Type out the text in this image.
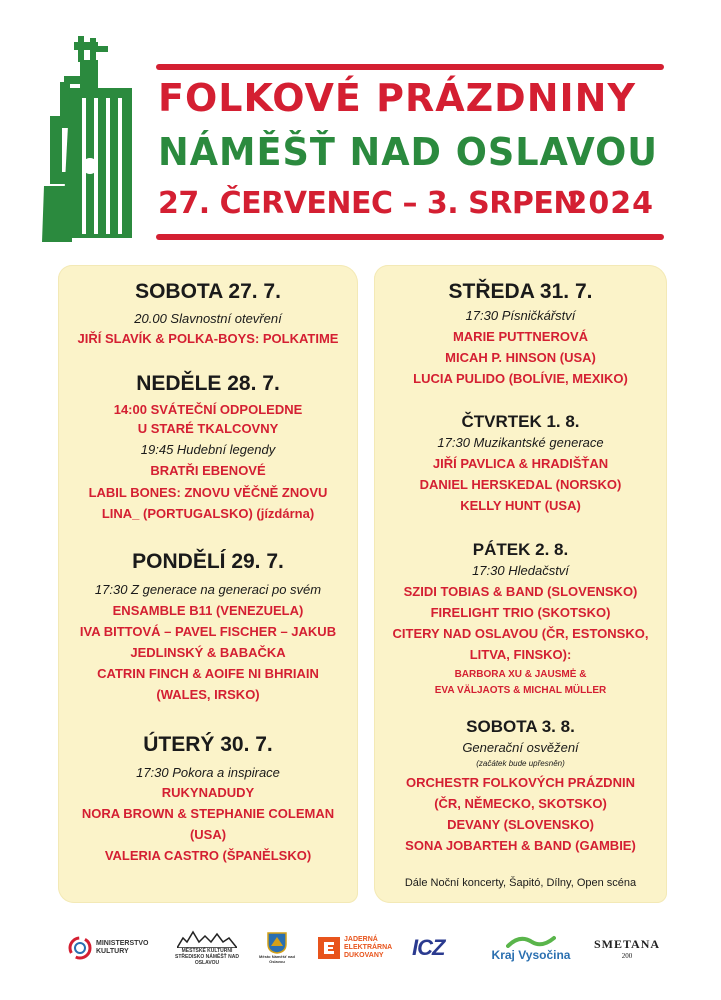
FOLKOVÉ PRÁZDNINY
NÁMĚŠŤ NAD OSLAVOU
27. ČERVENEC – 3. SRPEN
2024
SOBOTA 27. 7.
20.00 Slavnostní otevření
JIŘÍ SLAVÍK & POLKA-BOYS: POLKATIME
NEDĚLE 28. 7.
14:00 SVÁTEČNÍ ODPOLEDNE
U STARÉ TKALCOVNY
19:45 Hudební legendy
BRATŘI EBENOVÉ
LABIL BONES: ZNOVU VĚČNĚ ZNOVU
LINA_ (PORTUGALSKO) (jízdárna)
PONDĚLÍ 29. 7.
17:30 Z generace na generaci po svém
ENSAMBLE B11 (VENEZUELA)
IVA BITTOVÁ – PAVEL FISCHER – JAKUB
JEDLINSKÝ & BABAČKA
CATRIN FINCH & AOIFE NI BHRIAIN
(WALES, IRSKO)
ÚTERÝ 30. 7.
17:30 Pokora a inspirace
RUKYNADUDY
NORA BROWN & STEPHANIE COLEMAN
(USA)
VALERIA CASTRO (ŠPANĚLSKO)
STŘEDA 31. 7.
17:30 Písničkářství
MARIE PUTTNEROVÁ
MICAH P. HINSON (USA)
LUCIA PULIDO (BOLÍVIE, MEXIKO)
ČTVRTEK 1. 8.
17:30 Muzikantské generace
JIŘÍ PAVLICA & HRADIŠŤAN
DANIEL HERSKEDAL (NORSKO)
KELLY HUNT (USA)
PÁTEK 2. 8.
17:30 Hledačství
SZIDI TOBIAS & BAND (SLOVENSKO)
FIRELIGHT TRIO (SKOTSKO)
CITERY NAD OSLAVOU (ČR, ESTONSKO,
LITVA, FINSKO):
BARBORA XU & JAUSMĖ &
EVA VÄLJAOTS & MICHAL MÜLLER
SOBOTA 3. 8.
Generační osvěžení
(začátek bude upřesněn)
ORCHESTR FOLKOVÝCH PRÁZDNIN
(ČR, NĚMECKO, SKOTSKO)
DEVANY (SLOVENSKO)
SONA JOBARTEH & BAND (GAMBIE)
Dále Noční koncerty, Šapitó, Dílny, Open scéna
MINISTERSTVO KULTURY	MĚSTSKÉ KULTURNÍ STŘEDISKO NÁMĚŠŤ NAD OSLAVOU
Město Náměšť nad Oslavou
JADERNÁ ELEKTRÁRNA DUKOVANY	ICZ	Kraj Vysočina
SMETANA
200
